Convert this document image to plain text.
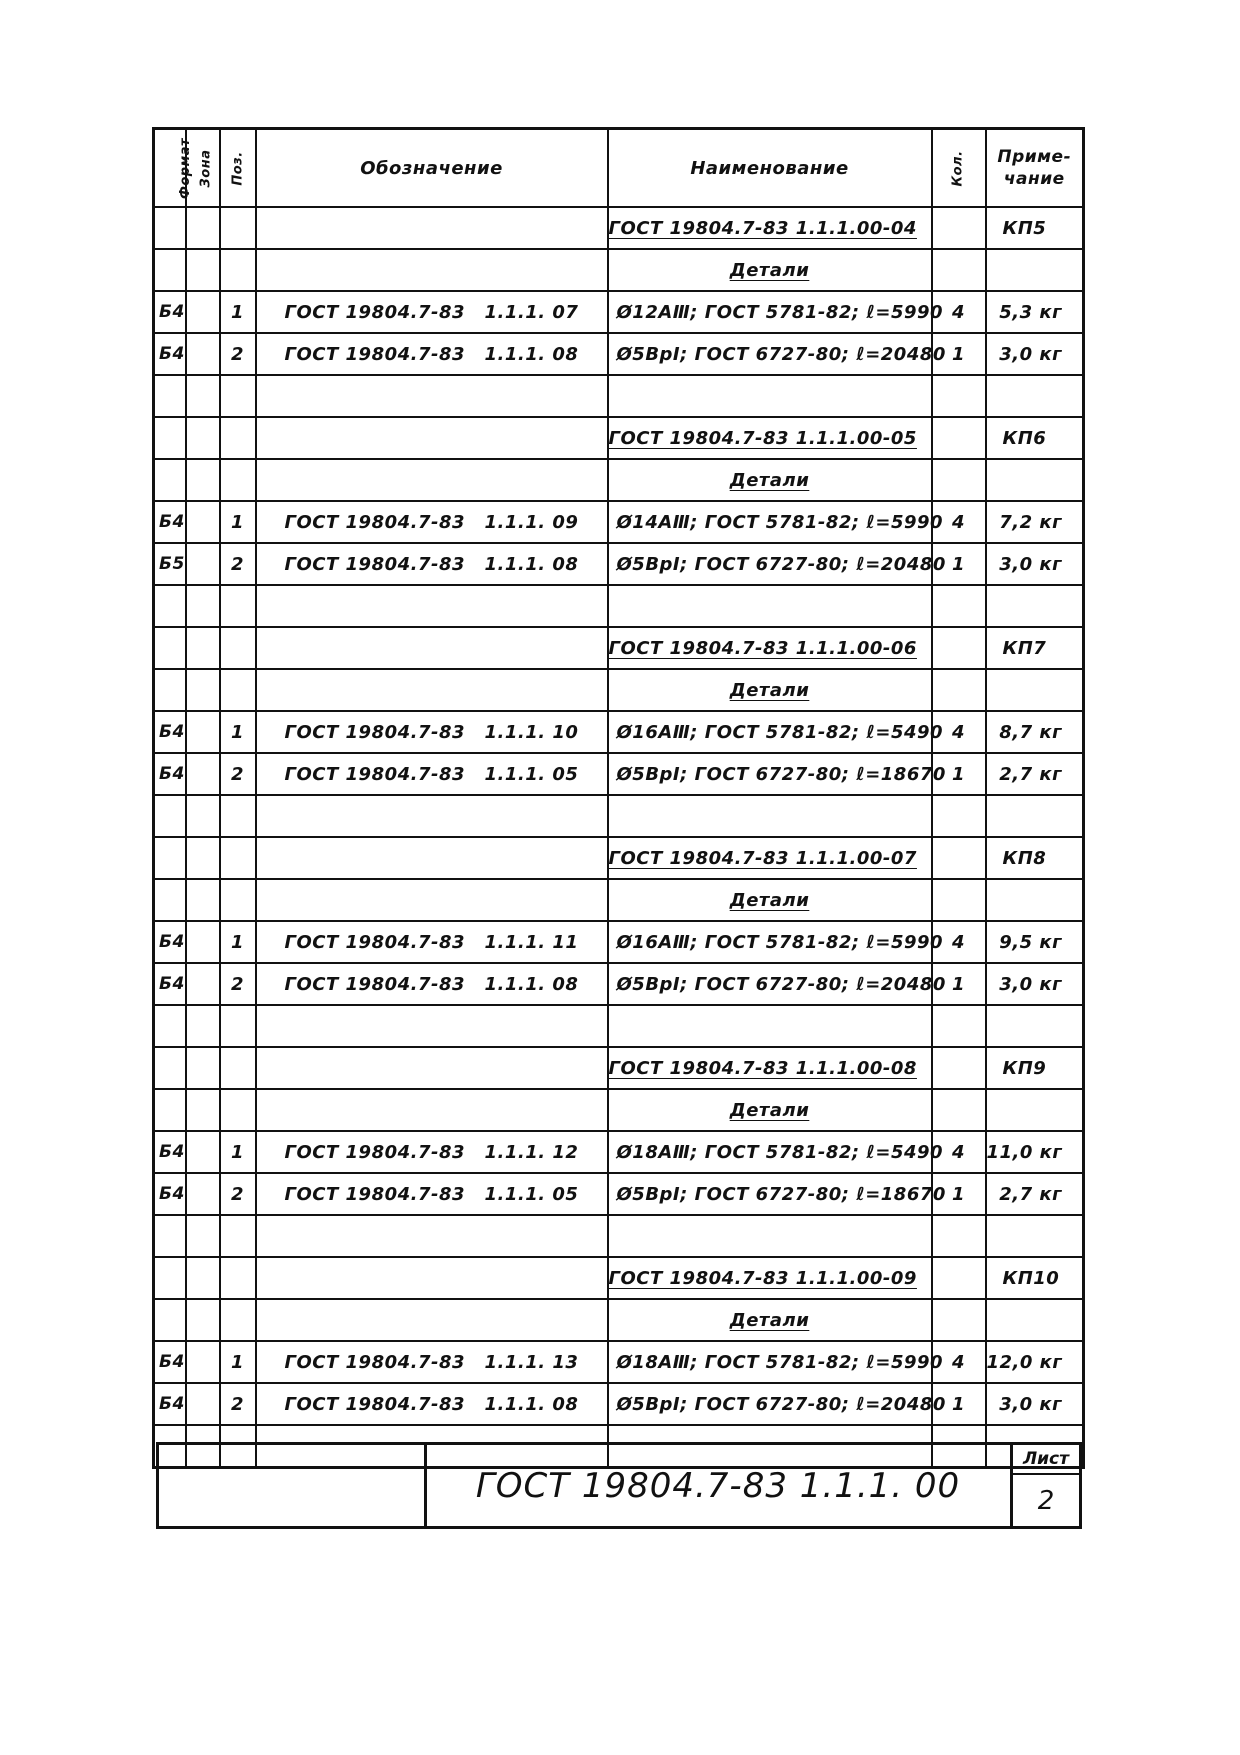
Формат	Зона	Поз.	Обозначение	Наименование	Кол.	Приме-чание
				ГОСТ 19804.7-83 1.1.1.00-04		КП5
				Детали		
Б4		1	ГОСТ 19804.7-83 1.1.1. 07	Ø12АⅢ; ГОСТ 5781-82; ℓ=5990	4	5,3 кг
Б4		2	ГОСТ 19804.7-83 1.1.1. 08	Ø5ВрI; ГОСТ 6727-80; ℓ=20480	1	3,0 кг

				ГОСТ 19804.7-83 1.1.1.00-05		КП6
				Детали		
Б4		1	ГОСТ 19804.7-83 1.1.1. 09	Ø14АⅢ; ГОСТ 5781-82; ℓ=5990	4	7,2 кг
Б5		2	ГОСТ 19804.7-83 1.1.1. 08	Ø5ВрI; ГОСТ 6727-80; ℓ=20480	1	3,0 кг

				ГОСТ 19804.7-83 1.1.1.00-06		КП7
				Детали		
Б4		1	ГОСТ 19804.7-83 1.1.1. 10	Ø16АⅢ; ГОСТ 5781-82; ℓ=5490	4	8,7 кг
Б4		2	ГОСТ 19804.7-83 1.1.1. 05	Ø5ВрI; ГОСТ 6727-80; ℓ=18670	1	2,7 кг

				ГОСТ 19804.7-83 1.1.1.00-07		КП8
				Детали		
Б4		1	ГОСТ 19804.7-83 1.1.1. 11	Ø16АⅢ; ГОСТ 5781-82; ℓ=5990	4	9,5 кг
Б4		2	ГОСТ 19804.7-83 1.1.1. 08	Ø5ВрI; ГОСТ 6727-80; ℓ=20480	1	3,0 кг

				ГОСТ 19804.7-83 1.1.1.00-08		КП9
				Детали		
Б4		1	ГОСТ 19804.7-83 1.1.1. 12	Ø18АⅢ; ГОСТ 5781-82; ℓ=5490	4	11,0 кг
Б4		2	ГОСТ 19804.7-83 1.1.1. 05	Ø5ВрI; ГОСТ 6727-80; ℓ=18670	1	2,7 кг

				ГОСТ 19804.7-83 1.1.1.00-09		КП10
				Детали		
Б4		1	ГОСТ 19804.7-83 1.1.1. 13	Ø18АⅢ; ГОСТ 5781-82; ℓ=5990	4	12,0 кг
Б4		2	ГОСТ 19804.7-83 1.1.1. 08	Ø5ВрI; ГОСТ 6727-80; ℓ=20480	1	3,0 кг

ГОСТ 19804.7-83 1.1.1. 00
Лист
2
